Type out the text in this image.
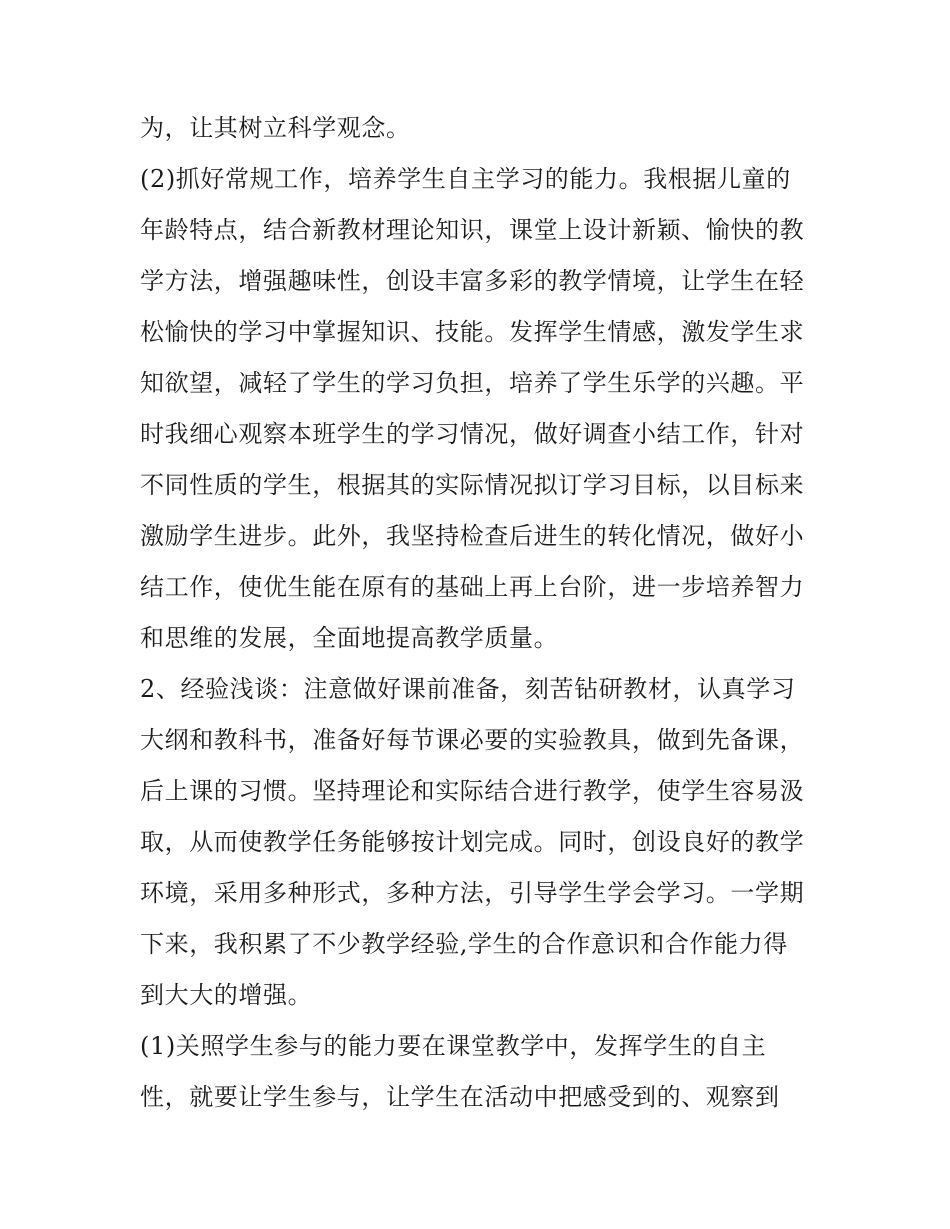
为，让其树立科学观念。
(2)抓好常规工作，培养学生自主学习的能力。我根据儿童的
年龄特点，结合新教材理论知识，课堂上设计新颖、愉快的教
学方法，增强趣味性，创设丰富多彩的教学情境，让学生在轻
松愉快的学习中掌握知识、技能。发挥学生情感，激发学生求
知欲望，减轻了学生的学习负担，培养了学生乐学的兴趣。平
时我细心观察本班学生的学习情况，做好调查小结工作，针对
不同性质的学生，根据其的实际情况拟订学习目标，以目标来
激励学生进步。此外，我坚持检查后进生的转化情况，做好小
结工作，使优生能在原有的基础上再上台阶，进一步培养智力
和思维的发展，全面地提高教学质量。
2、经验浅谈：注意做好课前准备，刻苦钻研教材，认真学习
大纲和教科书，准备好每节课必要的实验教具，做到先备课，
后上课的习惯。坚持理论和实际结合进行教学，使学生容易汲
取，从而使教学任务能够按计划完成。同时，创设良好的教学
环境，采用多种形式，多种方法，引导学生学会学习。一学期
下来，我积累了不少教学经验,学生的合作意识和合作能力得
到大大的增强。
(1)关照学生参与的能力要在课堂教学中，发挥学生的自主
性，就要让学生参与，让学生在活动中把感受到的、观察到
